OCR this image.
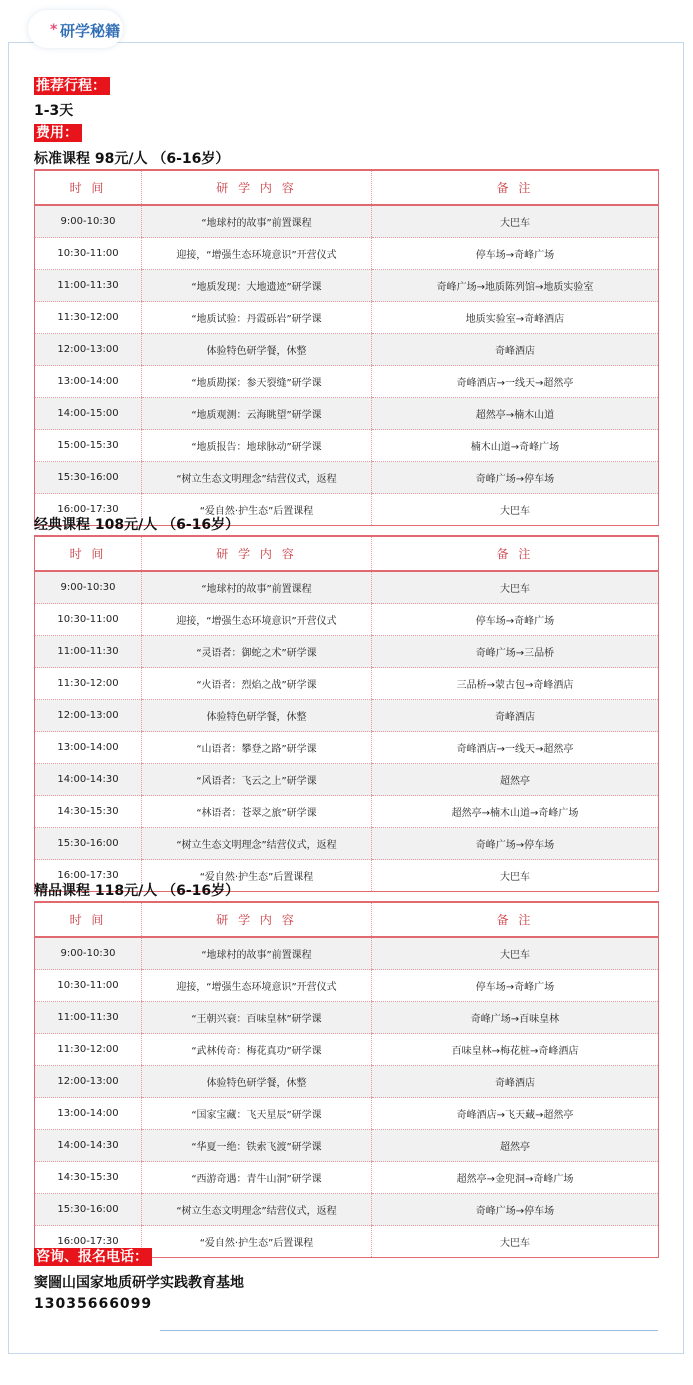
* 研学秘籍
推荐行程：
1-3天
费用：
标准课程 98元/人 （6-16岁）
时 间	研 学 内 容	备 注
9:00-10:30	“地球村的故事”前置课程	大巴车
10:30-11:00	迎接，“增强生态环境意识”开营仪式	停车场→奇峰广场
11:00-11:30	“地质发现：大地遗迹”研学课	奇峰广场→地质陈列馆→地质实验室
11:30-12:00	“地质试验：丹霞砾岩”研学课	地质实验室→奇峰酒店
12:00-13:00	体验特色研学餐，休整	奇峰酒店
13:00-14:00	“地质勘探：参天裂缝”研学课	奇峰酒店→一线天→超然亭
14:00-15:00	“地质观测：云海眺望”研学课	超然亭→楠木山道
15:00-15:30	“地质报告：地球脉动”研学课	楠木山道→奇峰广场
15:30-16:00	“树立生态文明理念”结营仪式，返程	奇峰广场→停车场
16:00-17:30	“爱自然·护生态”后置课程	大巴车
经典课程 108元/人 （6-16岁）
时 间	研 学 内 容	备 注
9:00-10:30	“地球村的故事”前置课程	大巴车
10:30-11:00	迎接，“增强生态环境意识”开营仪式	停车场→奇峰广场
11:00-11:30	“灵语者：御蛇之术”研学课	奇峰广场→三品桥
11:30-12:00	“火语者：烈焰之战”研学课	三品桥→蒙古包→奇峰酒店
12:00-13:00	体验特色研学餐，休整	奇峰酒店
13:00-14:00	“山语者：攀登之路”研学课	奇峰酒店→一线天→超然亭
14:00-14:30	“风语者：飞云之上”研学课	超然亭
14:30-15:30	“林语者：苍翠之旅”研学课	超然亭→楠木山道→奇峰广场
15:30-16:00	“树立生态文明理念”结营仪式，返程	奇峰广场→停车场
16:00-17:30	“爱自然·护生态”后置课程	大巴车
精品课程 118元/人 （6-16岁）
时 间	研 学 内 容	备 注
9:00-10:30	“地球村的故事”前置课程	大巴车
10:30-11:00	迎接，“增强生态环境意识”开营仪式	停车场→奇峰广场
11:00-11:30	“王朝兴衰：百味皇林”研学课	奇峰广场→百味皇林
11:30-12:00	“武林传奇：梅花真功”研学课	百味皇林→梅花桩→奇峰酒店
12:00-13:00	体验特色研学餐，休整	奇峰酒店
13:00-14:00	“国家宝藏：飞天星辰”研学课	奇峰酒店→飞天藏→超然亭
14:00-14:30	“华夏一绝：铁索飞渡”研学课	超然亭
14:30-15:30	“西游奇遇：青牛山洞”研学课	超然亭→金兜洞→奇峰广场
15:30-16:00	“树立生态文明理念”结营仪式，返程	奇峰广场→停车场
16:00-17:30	“爱自然·护生态”后置课程	大巴车
咨询、报名电话：
窦圌山国家地质研学实践教育基地
13035666099
